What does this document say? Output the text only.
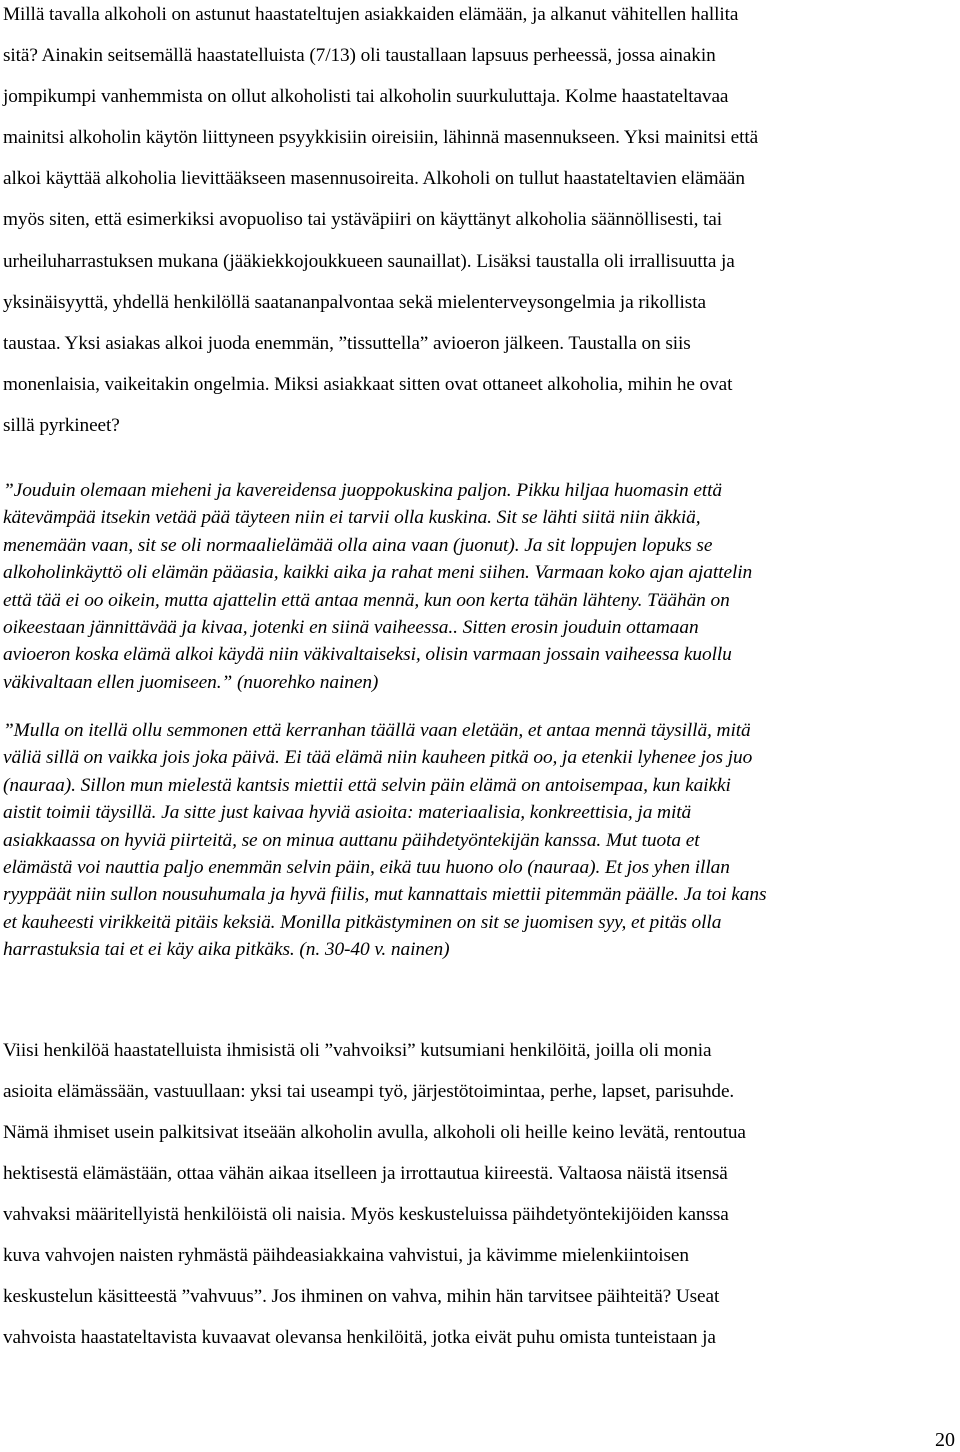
Millä tavalla alkoholi on astunut haastateltujen asiakkaiden elämään, ja alkanut vähitellen hallita
sitä? Ainakin seitsemällä haastatelluista (7/13) oli taustallaan lapsuus perheessä, jossa ainakin
jompikumpi vanhemmista on ollut alkoholisti tai alkoholin suurkuluttaja. Kolme haastateltavaa
mainitsi alkoholin käytön liittyneen psyykkisiin oireisiin, lähinnä masennukseen. Yksi mainitsi että
alkoi käyttää alkoholia lievittääkseen masennusoireita. Alkoholi on tullut haastateltavien elämään
myös siten, että esimerkiksi avopuoliso tai ystäväpiiri on käyttänyt alkoholia säännöllisesti, tai
urheiluharrastuksen mukana (jääkiekkojoukkueen saunaillat). Lisäksi taustalla oli irrallisuutta ja
yksinäisyyttä, yhdellä henkilöllä saatananpalvontaa sekä mielenterveysongelmia ja rikollista
taustaa. Yksi asiakas alkoi juoda enemmän, ”tissuttella” avioeron jälkeen. Taustalla on siis
monenlaisia, vaikeitakin ongelmia. Miksi asiakkaat sitten ovat ottaneet alkoholia, mihin he ovat
sillä pyrkineet?
”Jouduin olemaan mieheni ja kavereidensa juoppokuskina paljon. Pikku hiljaa huomasin että
kätevämpää itsekin vetää pää täyteen niin ei tarvii olla kuskina. Sit se lähti siitä niin äkkiä,
menemään vaan, sit se oli normaalielämää olla aina vaan (juonut). Ja sit loppujen lopuks se
alkoholinkäyttö oli elämän pääasia, kaikki aika ja rahat meni siihen. Varmaan koko ajan ajattelin
että tää ei oo oikein, mutta ajattelin että antaa mennä, kun oon kerta tähän lähteny. Täähän on
oikeestaan jännittävää ja kivaa, jotenki en siinä vaiheessa.. Sitten erosin jouduin ottamaan
avioeron koska elämä alkoi käydä niin väkivaltaiseksi, olisin varmaan jossain vaiheessa kuollu
väkivaltaan ellen juomiseen.” (nuorehko nainen)
”Mulla on itellä ollu semmonen että kerranhan täällä vaan eletään, et antaa mennä täysillä, mitä
väliä sillä on vaikka jois joka päivä. Ei tää elämä niin kauheen pitkä oo, ja etenkii lyhenee jos juo
(nauraa). Sillon mun mielestä kantsis miettii että selvin päin elämä on antoisempaa, kun kaikki
aistit toimii täysillä. Ja sitte just kaivaa hyviä asioita: materiaalisia, konkreettisia, ja mitä
asiakkaassa on hyviä piirteitä, se on minua auttanu päihdetyöntekijän kanssa. Mut tuota et
elämästä voi nauttia paljo enemmän selvin päin, eikä tuu huono olo (nauraa). Et jos yhen illan
ryyppäät niin sullon nousuhumala ja hyvä fiilis, mut kannattais miettii pitemmän päälle. Ja toi kans
et kauheesti virikkeitä pitäis keksiä. Monilla pitkästyminen on sit se juomisen syy, et pitäs olla
harrastuksia tai et ei käy aika pitkäks. (n. 30-40 v. nainen)
Viisi henkilöä haastatelluista ihmisistä oli ”vahvoiksi” kutsumiani henkilöitä, joilla oli monia
asioita elämässään, vastuullaan: yksi tai useampi työ, järjestötoimintaa, perhe, lapset, parisuhde.
Nämä ihmiset usein palkitsivat itseään alkoholin avulla, alkoholi oli heille keino levätä, rentoutua
hektisestä elämästään, ottaa vähän aikaa itselleen ja irrottautua kiireestä. Valtaosa näistä itsensä
vahvaksi määritellyistä henkilöistä oli naisia. Myös keskusteluissa päihdetyöntekijöiden kanssa
kuva vahvojen naisten ryhmästä päihdeasiakkaina vahvistui, ja kävimme mielenkiintoisen
keskustelun käsitteestä ”vahvuus”. Jos ihminen on vahva, mihin hän tarvitsee päihteitä? Useat
vahvoista haastateltavista kuvaavat olevansa henkilöitä, jotka eivät puhu omista tunteistaan ja
20
